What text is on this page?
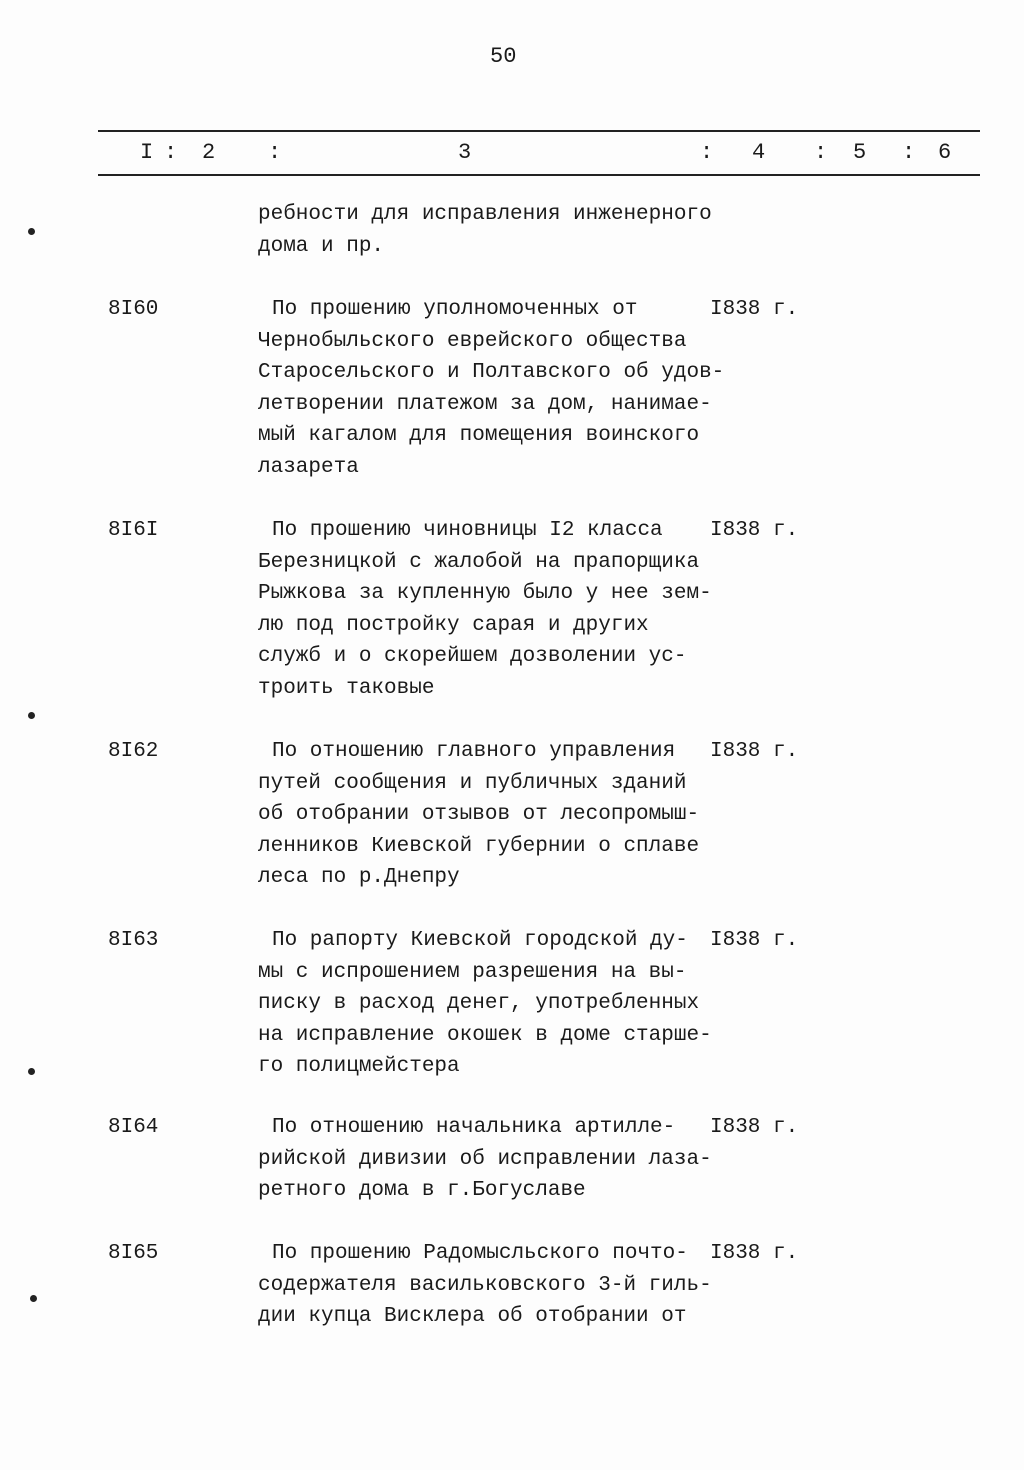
50
I : 2 :	3	: 4 : 5 : 6
ребности для исправления инженерного
дома и пр.
8I60	По прошению уполномоченных от
Чернобыльского еврейского общества
Старосельского и Полтавского об удов-
летворении платежом за дом, нанимае-
мый кагалом для помещения воинского
лазарета
I838 г.
8I6I	По прошению чиновницы I2 класса
Березницкой с жалобой на прапорщика
Рыжкова за купленную было у нее зем-
лю под постройку сарая и других
служб и о скорейшем дозволении ус-
троить таковые
I838 г.
8I62	По отношению главного управления
путей сообщения и публичных зданий
об отобрании отзывов от лесопромыш-
ленников Киевской губернии о сплаве
леса по р.Днепру
I838 г.
8I63	По рапорту Киевской городской ду-
мы с испрошением разрешения на вы-
писку в расход денег, употребленных
на исправление окошек в доме старше-
го полицмейстера
I838 г.
8I64	По отношению начальника артилле-
рийской дивизии об исправлении лаза-
ретного дома в г.Богуславе
I838 г.
8I65	По прошению Радомысльского почто-
содержателя васильковского 3-й гиль-
дии купца Висклера об отобрании от
I838 г.
